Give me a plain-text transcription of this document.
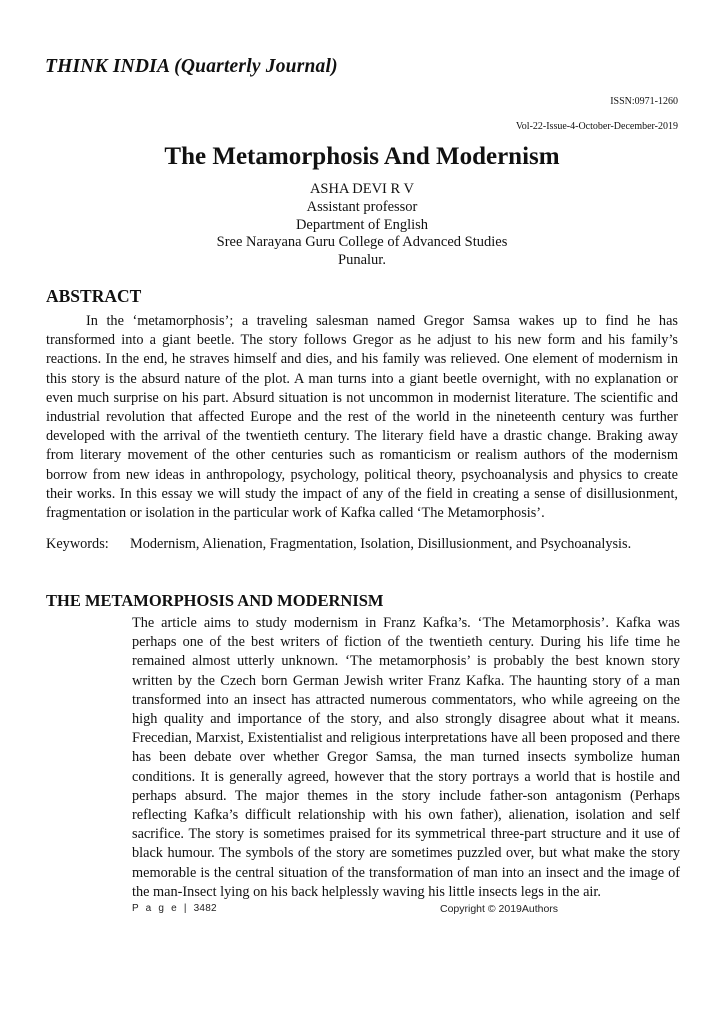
THINK INDIA (Quarterly Journal)
ISSN:0971-1260
Vol-22-Issue-4-October-December-2019
The Metamorphosis And Modernism
ASHA DEVI R V
Assistant professor
Department of English
Sree Narayana Guru College of Advanced Studies
Punalur.
ABSTRACT
In the ‘metamorphosis’; a traveling salesman named Gregor Samsa wakes up to find he has transformed into a giant beetle. The story follows Gregor as he adjust to his new form and his family’s reactions. In the end, he straves himself and dies, and his family was relieved. One element of modernism in this story is the absurd nature of the plot. A man turns into a giant beetle overnight, with no explanation or even much surprise on his part. Absurd situation is not uncommon in modernist literature. The scientific and industrial revolution that affected Europe and the rest of the world in the nineteenth century was further developed with the arrival of the twentieth century. The literary field have a drastic change. Braking away from literary movement of the other centuries such as romanticism or realism authors of the modernism borrow from new ideas in anthropology, psychology, political theory, psychoanalysis and physics to create their works. In this essay we will study the impact of any of the field in creating a sense of disillusionment, fragmentation or isolation in the particular work of Kafka called ‘The Metamorphosis’.
Keywords: Modernism, Alienation, Fragmentation, Isolation, Disillusionment, and Psychoanalysis.
THE METAMORPHOSIS AND MODERNISM
The article aims to study modernism in Franz Kafka’s. ‘The Metamorphosis’. Kafka was perhaps one of the best writers of fiction of the twentieth century. During his life time he remained almost utterly unknown. ‘The metamorphosis’ is probably the best known story written by the Czech born German Jewish writer Franz Kafka. The haunting story of a man transformed into an insect has attracted numerous commentators, who while agreeing on the high quality and importance of the story, and also strongly disagree about what it means. Frecedian, Marxist, Existentialist and religious interpretations have all been proposed and there has been debate over whether Gregor Samsa, the man turned insects symbolize human conditions. It is generally agreed, however that the story portrays a world that is hostile and perhaps absurd. The major themes in the story include father-son antagonism (Perhaps reflecting Kafka’s difficult relationship with his own father), alienation, isolation and self sacrifice. The story is sometimes praised for its symmetrical three-part structure and it use of black humour. The symbols of the story are sometimes puzzled over, but what make the story memorable is the central situation of the transformation of man into an insect and the image of the man-Insect lying on his back helplessly waving his little insects legs in the air.
P a g e | 3482	Copyright © 2019Authors
